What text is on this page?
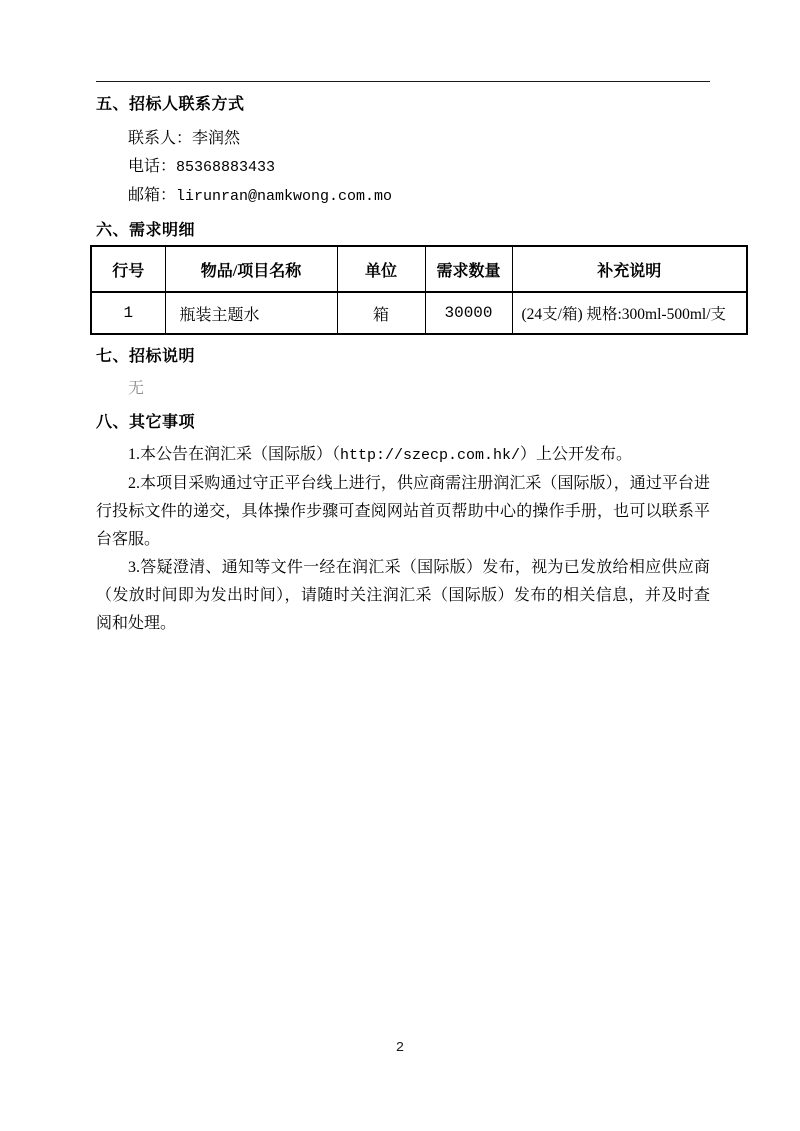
五、招标人联系方式

联系人：李润然

电话：85368883433

邮箱：lirunran@namkwong.com.mo

六、需求明细
行号	物品/项目名称	单位	需求数量	补充说明
1	瓶装主题水	箱	30000	(24支/箱) 规格:300ml-500ml/支
七、招标说明

无

八、其它事项

1.本公告在润汇采（国际版）（http://szecp.com.hk/）上公开发布。

2.本项目采购通过守正平台线上进行，供应商需注册润汇采（国际版），通过平台进行投标文件的递交，具体操作步骤可查阅网站首页帮助中心的操作手册，也可以联系平台客服。

3.答疑澄清、通知等文件一经在润汇采（国际版）发布，视为已发放给相应供应商（发放时间即为发出时间），请随时关注润汇采（国际版）发布的相关信息，并及时查阅和处理。

2
